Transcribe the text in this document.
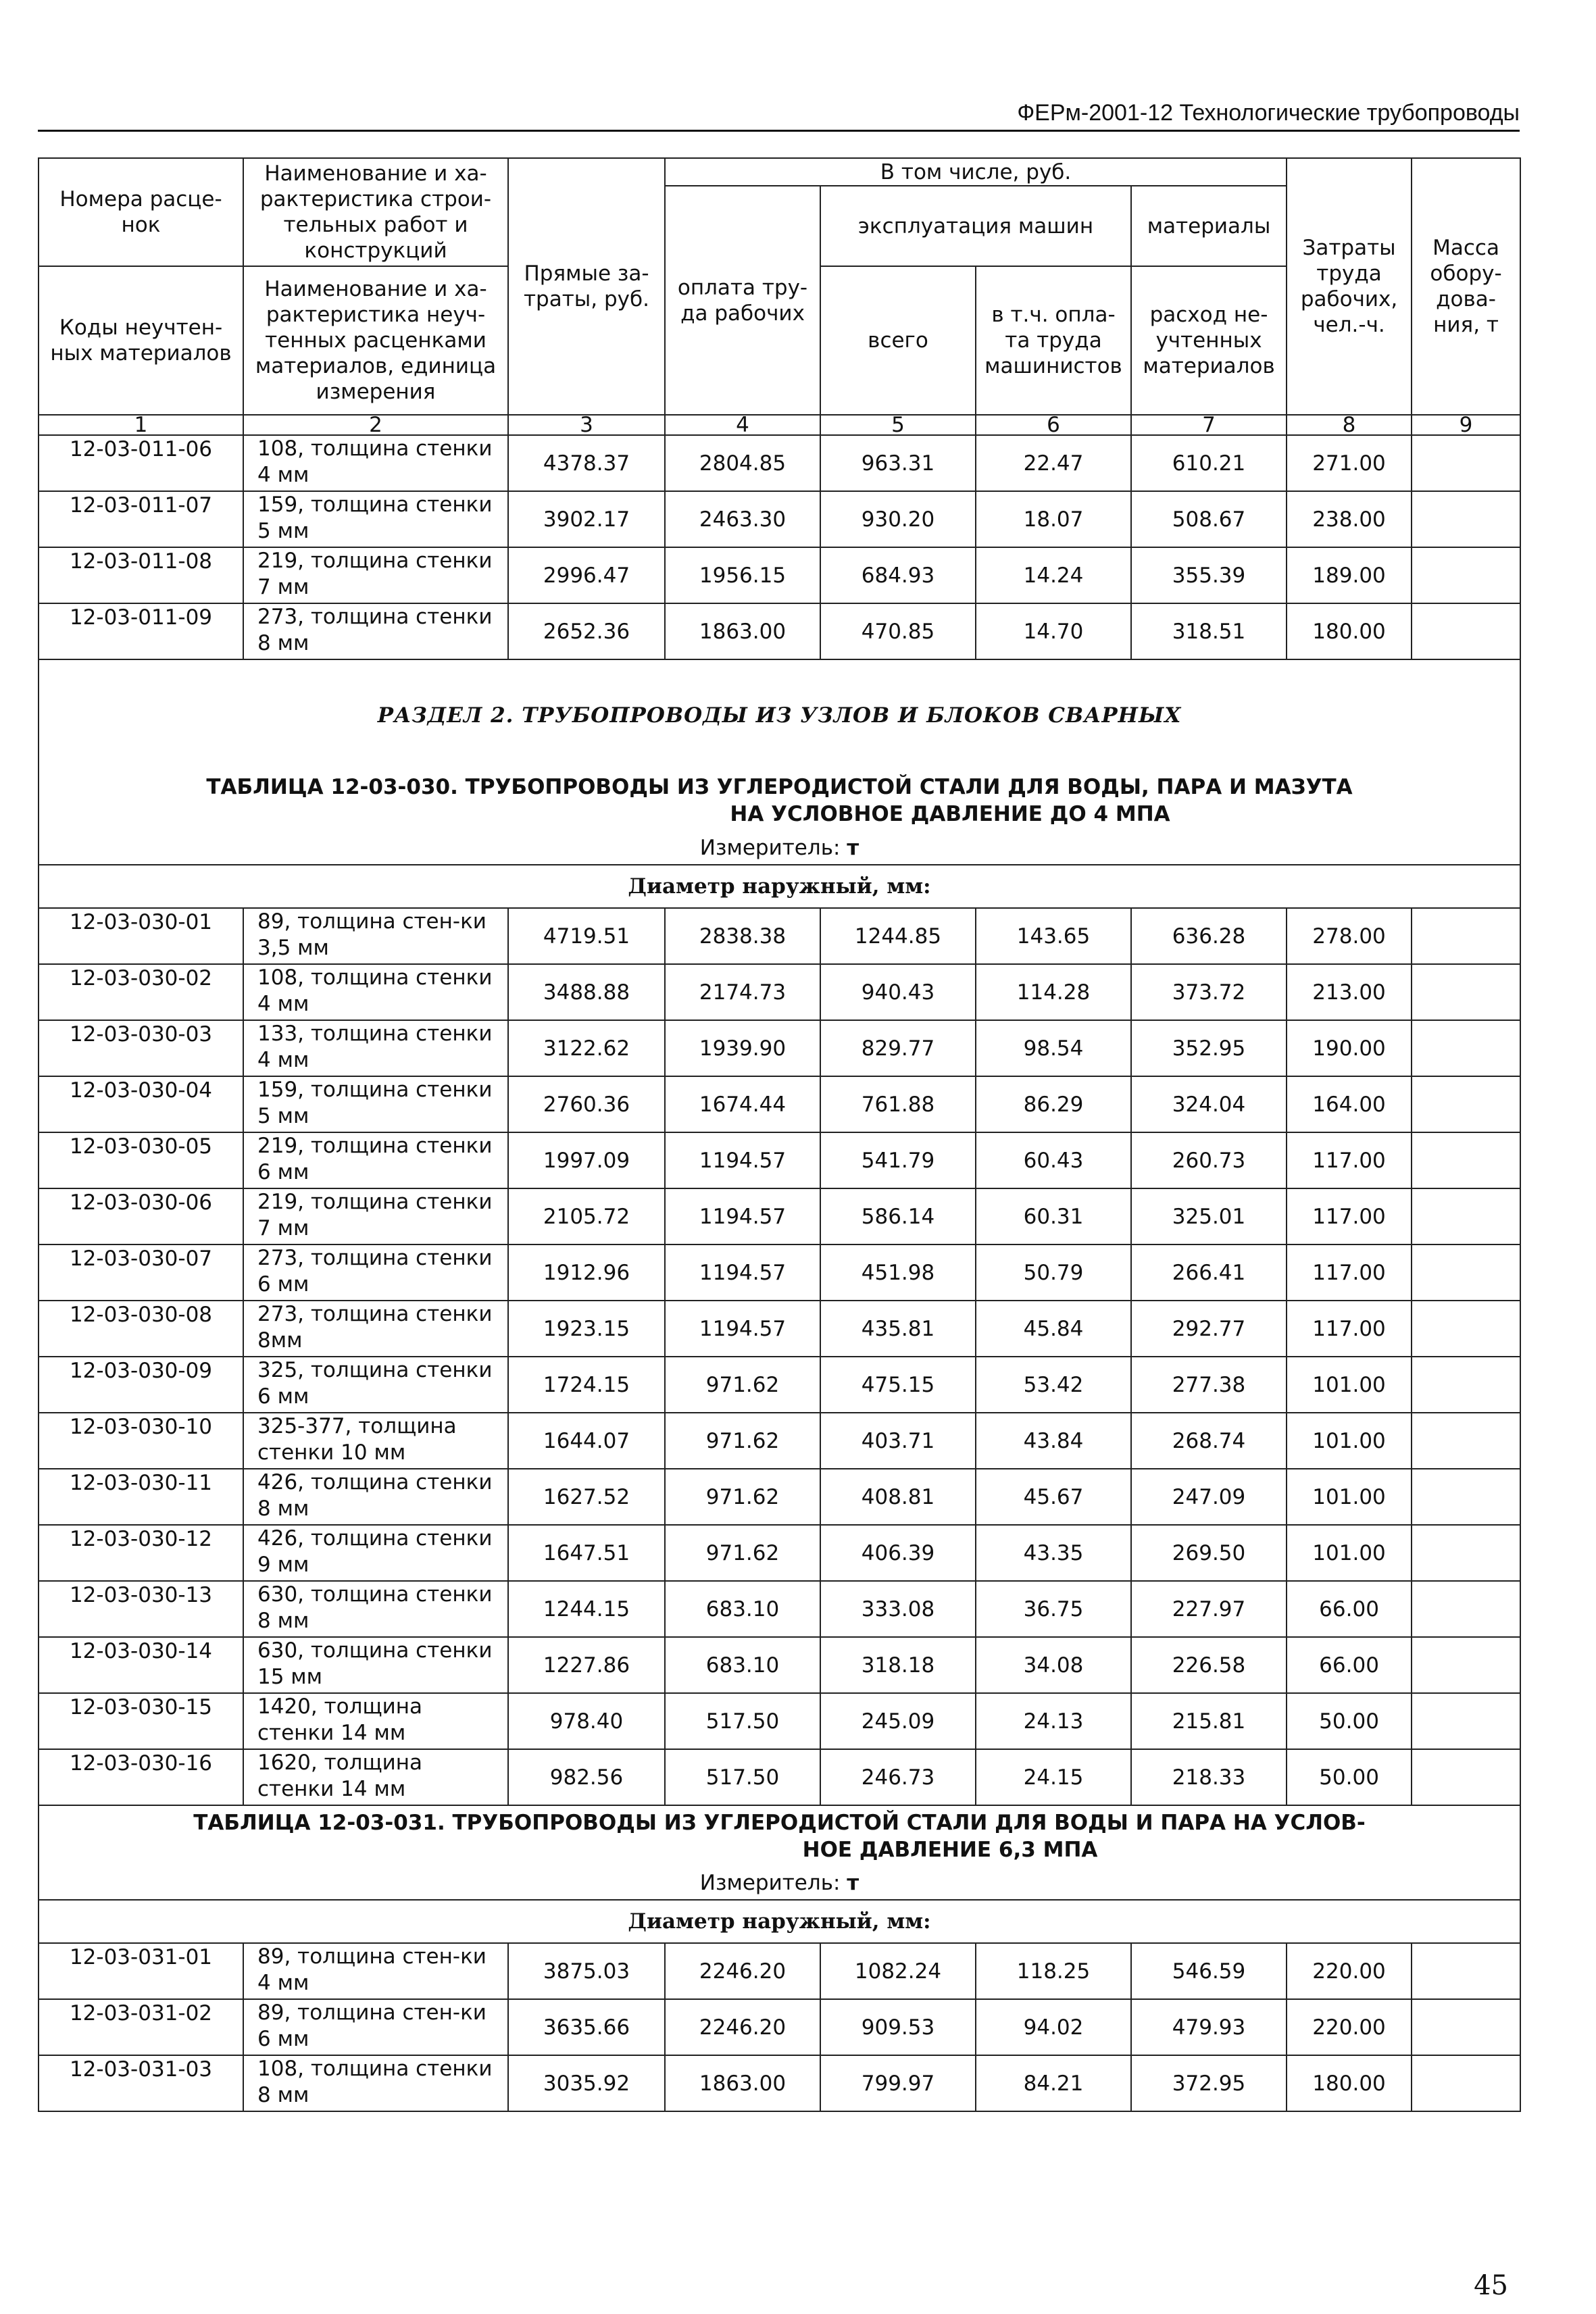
ФЕРм-2001-12 Технологические трубопроводы
Номера расце-нок	Наименование и ха-рактеристика строи-тельных работ и конструкций	Прямые за-траты, руб.	В том числе, руб.				Затраты труда рабочих, чел.-ч.	Масса обору-дова-ния, т
			оплата тру-да рабочих	эксплуатация машин		материалы		
Коды неучтен-ных материалов	Наименование и ха-рактеристика неуч-тенных расценками материалов, единица измерения			всего	в т.ч. опла-та труда машинистов	расход не-учтенных материалов		

1	2	3	4	5	6	7	8	9
12-03-011-06	108, толщина стенки 4 мм	4378.37	2804.85	963.31	22.47	610.21	271.00	
12-03-011-07	159, толщина стенки 5 мм	3902.17	2463.30	930.20	18.07	508.67	238.00	
12-03-011-08	219, толщина стенки 7 мм	2996.47	1956.15	684.93	14.24	355.39	189.00	
12-03-011-09	273, толщина стенки 8 мм	2652.36	1863.00	470.85	14.70	318.51	180.00	
РАЗДЕЛ 2. ТРУБОПРОВОДЫ ИЗ УЗЛОВ И БЛОКОВ СВАРНЫХ								
ТАБЛИЦА 12-03-030. ТРУБОПРОВОДЫ ИЗ УГЛЕРОДИСТОЙ СТАЛИ ДЛЯ ВОДЫ, ПАРА И МАЗУТА
НА УСЛОВНОЕ ДАВЛЕНИЕ ДО 4 МПА								

Измеритель: т								
Диаметр наружный, мм:								
12-03-030-01	89, толщина стен-ки 3,5 мм	4719.51	2838.38	1244.85	143.65	636.28	278.00	
12-03-030-02	108, толщина стенки 4 мм	3488.88	2174.73	940.43	114.28	373.72	213.00	
12-03-030-03	133, толщина стенки 4 мм	3122.62	1939.90	829.77	98.54	352.95	190.00	
12-03-030-04	159, толщина стенки 5 мм	2760.36	1674.44	761.88	86.29	324.04	164.00	
12-03-030-05	219, толщина стенки 6 мм	1997.09	1194.57	541.79	60.43	260.73	117.00	
12-03-030-06	219, толщина стенки 7 мм	2105.72	1194.57	586.14	60.31	325.01	117.00	
12-03-030-07	273, толщина стенки 6 мм	1912.96	1194.57	451.98	50.79	266.41	117.00	
12-03-030-08	273, толщина стенки 8мм	1923.15	1194.57	435.81	45.84	292.77	117.00	
12-03-030-09	325, толщина стенки 6 мм	1724.15	971.62	475.15	53.42	277.38	101.00	
12-03-030-10	325-377, толщина стенки 10 мм	1644.07	971.62	403.71	43.84	268.74	101.00	
12-03-030-11	426, толщина стенки 8 мм	1627.52	971.62	408.81	45.67	247.09	101.00	
12-03-030-12	426, толщина стенки 9 мм	1647.51	971.62	406.39	43.35	269.50	101.00	
12-03-030-13	630, толщина стенки 8 мм	1244.15	683.10	333.08	36.75	227.97	66.00	
12-03-030-14	630, толщина стенки 15 мм	1227.86	683.10	318.18	34.08	226.58	66.00	
12-03-030-15	1420, толщина стенки 14 мм	978.40	517.50	245.09	24.13	215.81	50.00	
12-03-030-16	1620, толщина стенки 14 мм	982.56	517.50	246.73	24.15	218.33	50.00	
ТАБЛИЦА 12-03-031. ТРУБОПРОВОДЫ ИЗ УГЛЕРОДИСТОЙ СТАЛИ ДЛЯ ВОДЫ И ПАРА НА УСЛОВ-
НОЕ ДАВЛЕНИЕ 6,3 МПА								

Измеритель: т								
Диаметр наружный, мм:								
12-03-031-01	89, толщина стен-ки 4 мм	3875.03	2246.20	1082.24	118.25	546.59	220.00	
12-03-031-02	89, толщина стен-ки 6 мм	3635.66	2246.20	909.53	94.02	479.93	220.00	
12-03-031-03	108, толщина стенки 8 мм	3035.92	1863.00	799.97	84.21	372.95	180.00	
45
